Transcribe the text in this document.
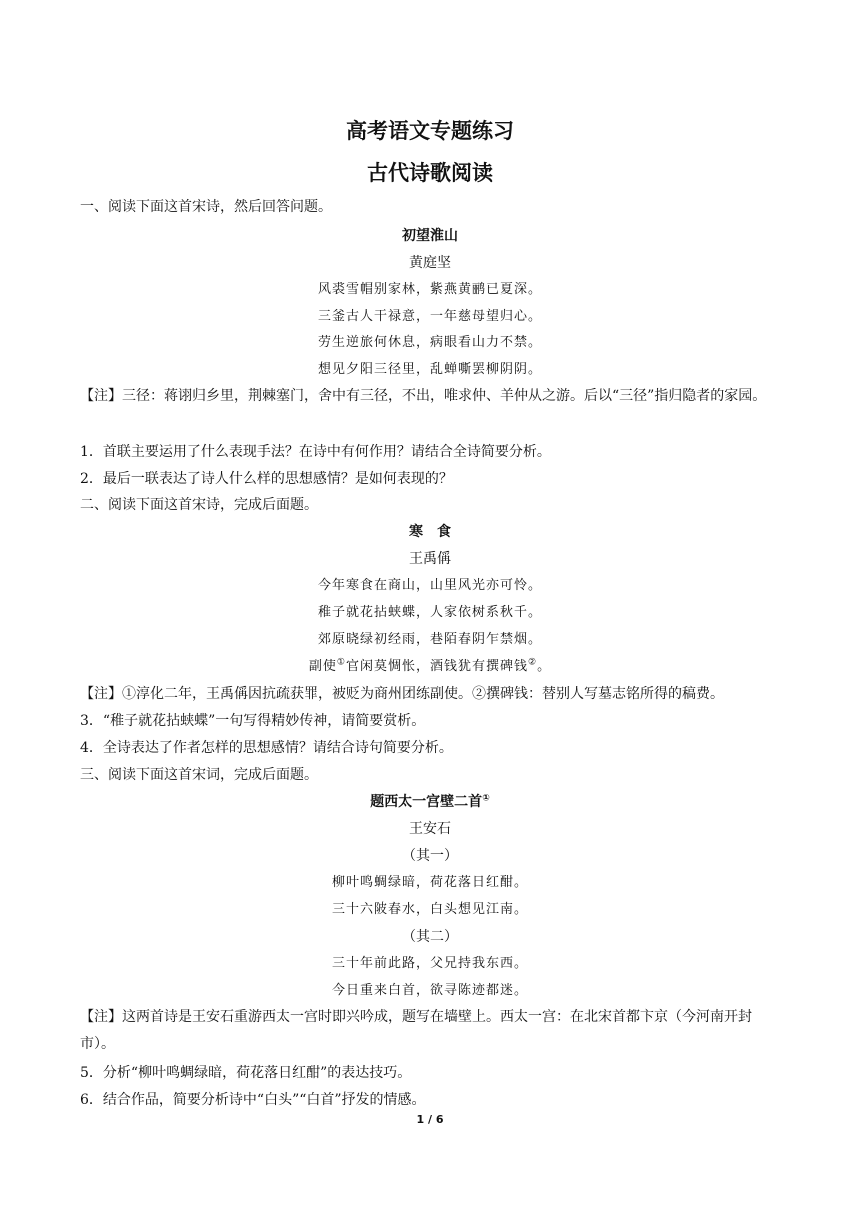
高考语文专题练习
古代诗歌阅读
一、阅读下面这首宋诗，然后回答问题。
初望淮山
黄庭坚
风裘雪帽别家林，紫燕黄鹂已夏深。
三釜古人干禄意，一年慈母望归心。
劳生逆旅何休息，病眼看山力不禁。
想见夕阳三径里，乱蝉嘶罢柳阴阴。
【注】三径：蒋诩归乡里，荆棘塞门，舍中有三径，不出，唯求仲、羊仲从之游。后以“三径”指归隐者的家园。
1．首联主要运用了什么表现手法？在诗中有何作用？请结合全诗简要分析。
2．最后一联表达了诗人什么样的思想感情？是如何表现的？
二、阅读下面这首宋诗，完成后面题。
寒　食
王禹偁
今年寒食在商山，山里风光亦可怜。
稚子就花拈蛱蝶，人家依树系秋千。
郊原晓绿初经雨，巷陌春阴乍禁烟。
副使①官闲莫惆怅，酒钱犹有撰碑钱②。
【注】①淳化二年，王禹偁因抗疏获罪，被贬为商州团练副使。②撰碑钱：替别人写墓志铭所得的稿费。
3．“稚子就花拈蛱蝶”一句写得精妙传神，请简要赏析。
4．全诗表达了作者怎样的思想感情？请结合诗句简要分析。
三、阅读下面这首宋词，完成后面题。
题西太一宫壁二首①
王安石
（其一）
柳叶鸣蜩绿暗，荷花落日红酣。
三十六陂春水，白头想见江南。
（其二）
三十年前此路，父兄持我东西。
今日重来白首，欲寻陈迹都迷。
【注】这两首诗是王安石重游西太一宫时即兴吟成，题写在墙壁上。西太一宫：在北宋首都卞京（今河南开封市）。
5．分析“柳叶鸣蜩绿暗，荷花落日红酣”的表达技巧。
6．结合作品，简要分析诗中“白头”“白首”抒发的情感。
1 / 6
